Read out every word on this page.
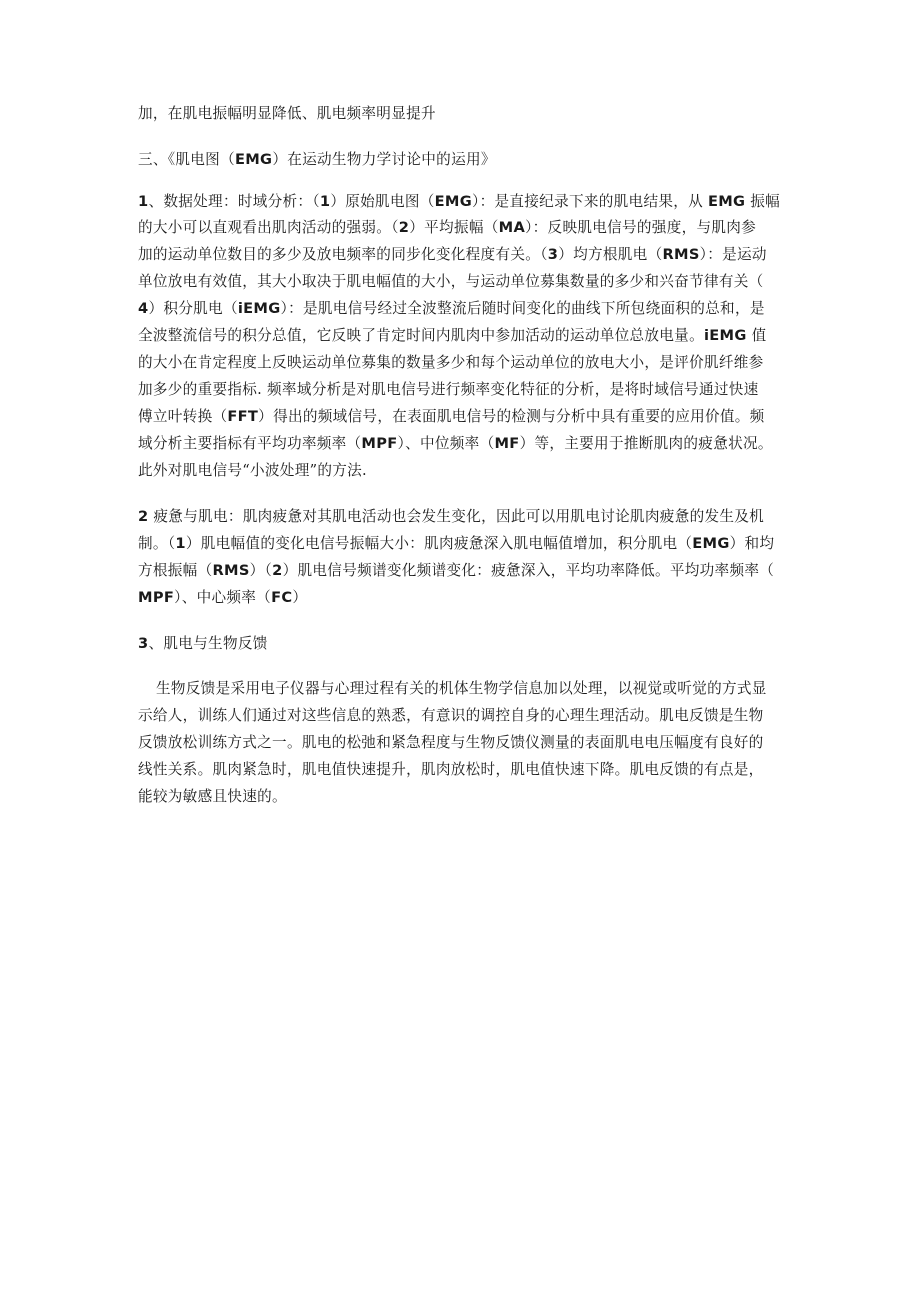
加，在肌电振幅明显降低、肌电频率明显提升
三、《肌电图（EMG）在运动生物力学讨论中的运用》
1、数据处理：时域分析：（1）原始肌电图（EMG）：是直接纪录下来的肌电结果，从 EMG 振幅
的大小可以直观看出肌肉活动的强弱。（2）平均振幅（MA）：反映肌电信号的强度，与肌肉参
加的运动单位数目的多少及放电频率的同步化变化程度有关。（3）均方根肌电（RMS）：是运动
单位放电有效值，其大小取决于肌电幅值的大小，与运动单位募集数量的多少和兴奋节律有关（
4）积分肌电（iEMG）：是肌电信号经过全波整流后随时间变化的曲线下所包绕面积的总和，是
全波整流信号的积分总值，它反映了肯定时间内肌肉中参加活动的运动单位总放电量。iEMG 值
的大小在肯定程度上反映运动单位募集的数量多少和每个运动单位的放电大小，是评价肌纤维参
加多少的重要指标. 频率域分析是对肌电信号进行频率变化特征的分析，是将时域信号通过快速
傅立叶转换（FFT）得出的频域信号，在表面肌电信号的检测与分析中具有重要的应用价值。频
域分析主要指标有平均功率频率（MPF）、中位频率（MF）等，主要用于推断肌肉的疲惫状况。
此外对肌电信号“小波处理”的方法.
2 疲惫与肌电：肌肉疲惫对其肌电活动也会发生变化，因此可以用肌电讨论肌肉疲惫的发生及机
制。（1）肌电幅值的变化电信号振幅大小：肌肉疲惫深入肌电幅值增加，积分肌电（EMG）和均
方根振幅（RMS）（2）肌电信号频谱变化频谱变化：疲惫深入，平均功率降低。平均功率频率（
MPF）、中心频率（FC）
3、肌电与生物反馈
生物反馈是采用电子仪器与心理过程有关的机体生物学信息加以处理，以视觉或听觉的方式显
示给人，训练人们通过对这些信息的熟悉，有意识的调控自身的心理生理活动。肌电反馈是生物
反馈放松训练方式之一。肌电的松弛和紧急程度与生物反馈仪测量的表面肌电电压幅度有良好的
线性关系。肌肉紧急时，肌电值快速提升，肌肉放松时，肌电值快速下降。肌电反馈的有点是，
能较为敏感且快速的。
